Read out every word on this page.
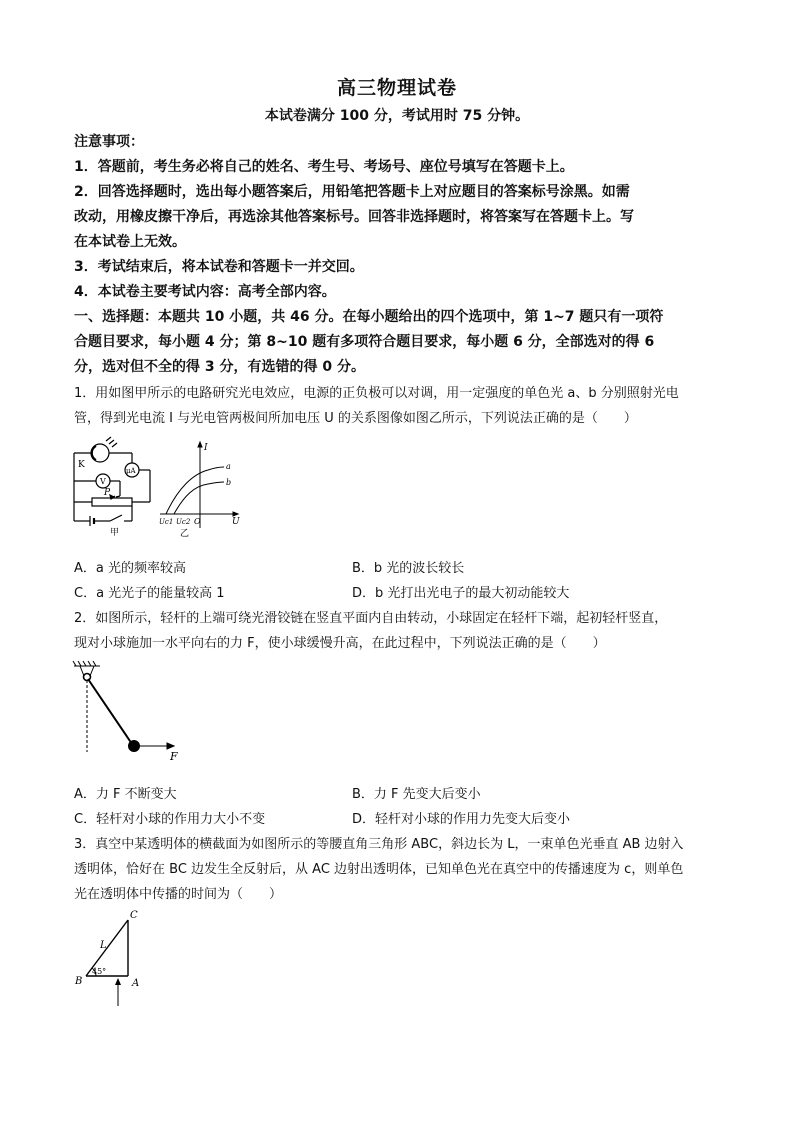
高三物理试卷
本试卷满分 100 分，考试用时 75 分钟。
注意事项：
1．答题前，考生务必将自己的姓名、考生号、考场号、座位号填写在答题卡上。
2．回答选择题时，选出每小题答案后，用铅笔把答题卡上对应题目的答案标号涂黑。如需
改动，用橡皮擦干净后，再选涂其他答案标号。回答非选择题时，将答案写在答题卡上。写
在本试卷上无效。
3．考试结束后，将本试卷和答题卡一并交回。
4．本试卷主要考试内容：高考全部内容。
一、选择题：本题共 10 小题，共 46 分。在每小题给出的四个选项中，第 1~7 题只有一项符
合题目要求，每小题 4 分；第 8~10 题有多项符合题目要求，每小题 6 分，全部选对的得 6
分，选对但不全的得 3 分，有选错的得 0 分。
1．用如图甲所示的电路研究光电效应，电源的正负极可以对调，用一定强度的单色光 a、b 分别照射光电
管，得到光电流 I 与光电管两极间所加电压 U 的关系图像如图乙所示，下列说法正确的是（　　）
K
μA
V
P
甲
I
a
b
Uc1 Uc2 O	U
乙
A．a 光的频率较高	B．b 光的波长较长
C．a 光光子的能量较高 1	D．b 光打出光电子的最大初动能较大
2．如图所示，轻杆的上端可绕光滑铰链在竖直平面内自由转动，小球固定在轻杆下端，起初轻杆竖直，
现对小球施加一水平向右的力 F，使小球缓慢升高，在此过程中，下列说法正确的是（　　）
F
A．力 F 不断变大	B．力 F 先变大后变小
C．轻杆对小球的作用力大小不变	D．轻杆对小球的作用力先变大后变小
3．真空中某透明体的横截面为如图所示的等腰直角三角形 ABC，斜边长为 L，一束单色光垂直 AB 边射入
透明体，恰好在 BC 边发生全反射后，从 AC 边射出透明体，已知单色光在真空中的传播速度为 c，则单色
光在透明体中传播的时间为（　　）
C
B	A
L
45°
